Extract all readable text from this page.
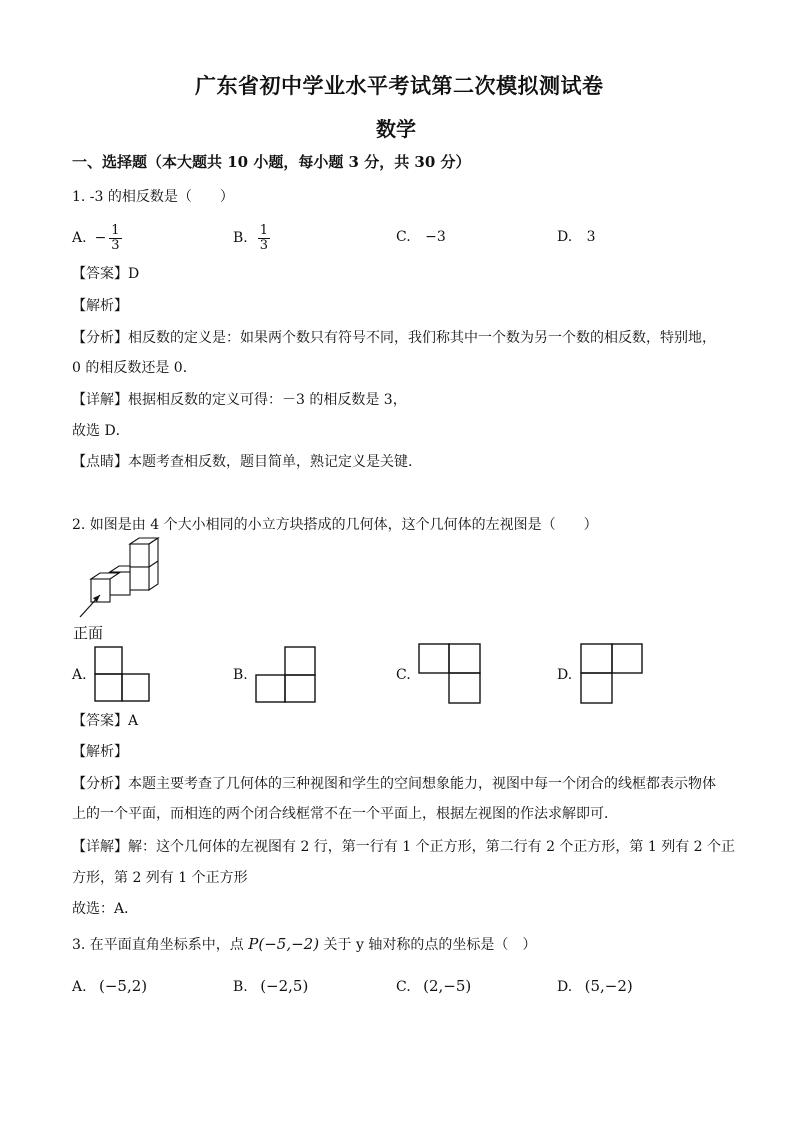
广东省初中学业水平考试第二次模拟测试卷
数学
一、选择题（本大题共 10 小题，每小题 3 分，共 30 分）
1. -3 的相反数是（　　）
A. − $\frac{1}{3}$	B. $\frac{1}{3}$	C. −3	D. 3
【答案】D
【解析】
【分析】相反数的定义是：如果两个数只有符号不同，我们称其中一个数为另一个数的相反数，特别地，
0 的相反数还是 0．
【详解】根据相反数的定义可得：－3 的相反数是 3，
故选 D．
【点睛】本题考查相反数，题目简单，熟记定义是关键.
2. 如图是由 4 个大小相同的小立方块搭成的几何体，这个几何体的左视图是（　　）
正面
A.	B.	C.	D.
【答案】A
【解析】
【分析】本题主要考查了几何体的三种视图和学生的空间想象能力，视图中每一个闭合的线框都表示物体
上的一个平面，而相连的两个闭合线框常不在一个平面上，根据左视图的作法求解即可．
【详解】解：这个几何体的左视图有 2 行，第一行有 1 个正方形，第二行有 2 个正方形，第 1 列有 2 个正
方形，第 2 列有 1 个正方形
故选：A．
3. 在平面直角坐标系中，点 P(−5,−2) 关于 y 轴对称的点的坐标是（　）
A. (−5,2)	B. (−2,5)	C. (2,−5)	D. (5,−2)
